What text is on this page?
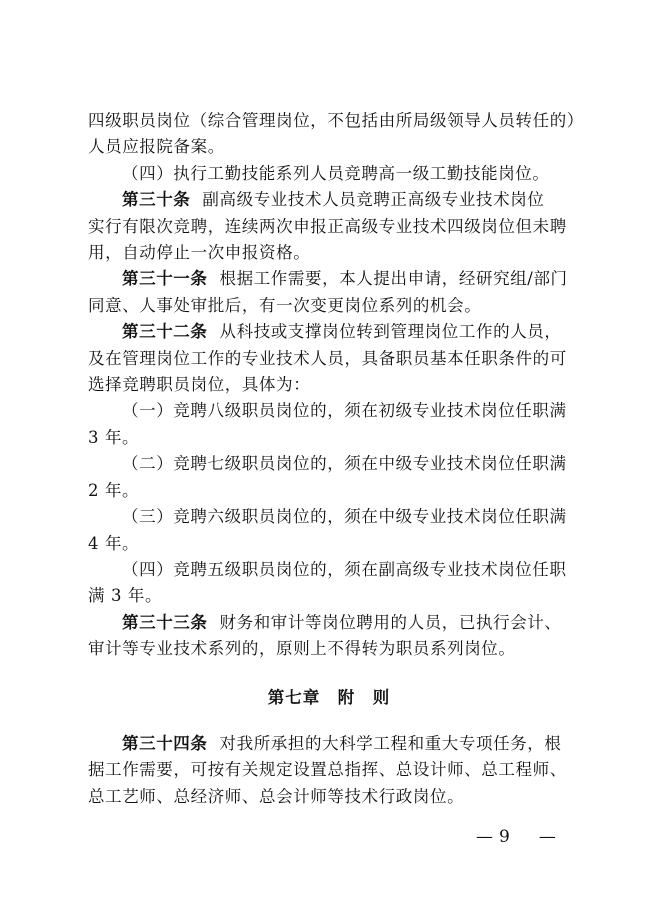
四级职员岗位（综合管理岗位，不包括由所局级领导人员转任的）
人员应报院备案。
（四）执行工勤技能系列人员竞聘高一级工勤技能岗位。
第三十条 副高级专业技术人员竞聘正高级专业技术岗位
实行有限次竞聘，连续两次申报正高级专业技术四级岗位但未聘
用，自动停止一次申报资格。
第三十一条 根据工作需要，本人提出申请，经研究组/部门
同意、人事处审批后，有一次变更岗位系列的机会。
第三十二条 从科技或支撑岗位转到管理岗位工作的人员，
及在管理岗位工作的专业技术人员，具备职员基本任职条件的可
选择竞聘职员岗位，具体为：
（一）竞聘八级职员岗位的，须在初级专业技术岗位任职满
3 年。
（二）竞聘七级职员岗位的，须在中级专业技术岗位任职满
2 年。
（三）竞聘六级职员岗位的，须在中级专业技术岗位任职满
4 年。
（四）竞聘五级职员岗位的，须在副高级专业技术岗位任职
满 3 年。
第三十三条 财务和审计等岗位聘用的人员，已执行会计、
审计等专业技术系列的，原则上不得转为职员系列岗位。
第七章　附　则
第三十四条 对我所承担的大科学工程和重大专项任务，根
据工作需要，可按有关规定设置总指挥、总设计师、总工程师、
总工艺师、总经济师、总会计师等技术行政岗位。
—9　—
